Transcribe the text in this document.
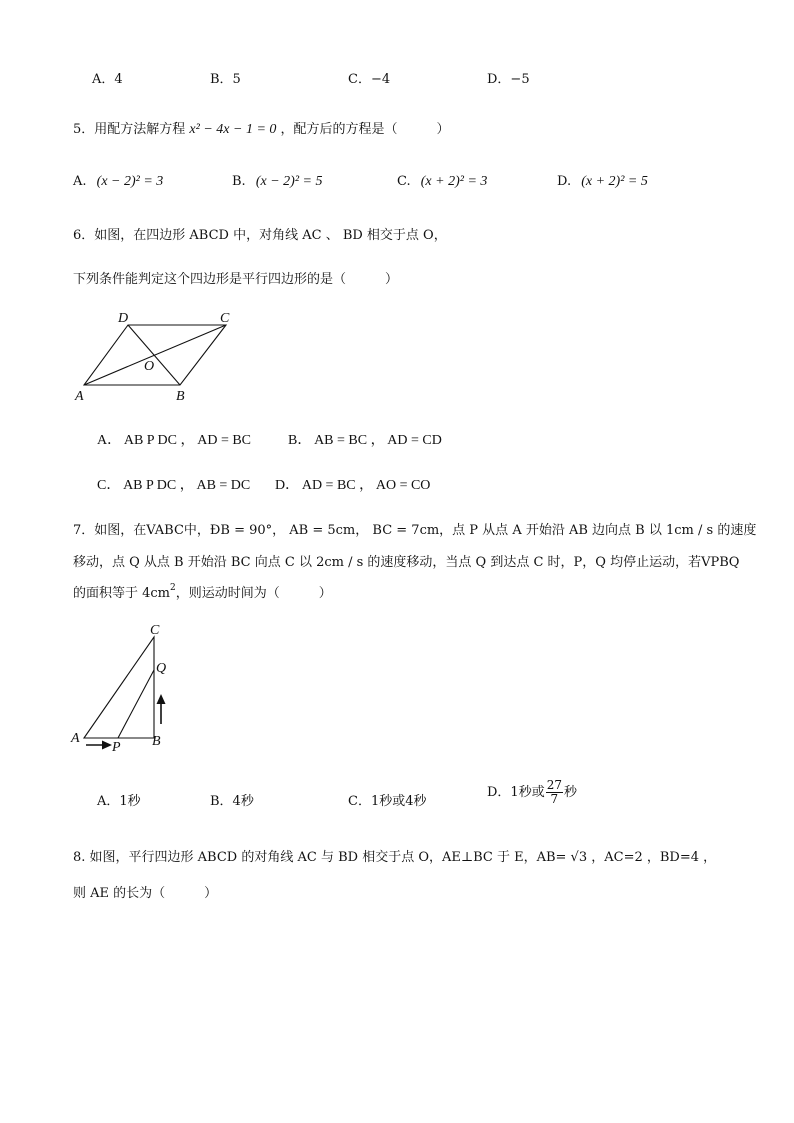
A．4	B．5	C．−4	D．−5
5．用配方法解方程 x² − 4x − 1 = 0 ，配方后的方程是（　　　）
A. (x − 2)² = 3	B. (x − 2)² = 5	C. (x + 2)² = 3	D. (x + 2)² = 5
6．如图，在四边形 ABCD 中，对角线 AC 、 BD 相交于点 O，
下列条件能判定这个四边形是平行四边形的是（　　　）
D	C
O
A	B
A． AB P DC ， AD = BC	B． AB = BC ， AD = CD
C． AB P DC ， AB = DC D． AD = BC ， AO = CO
7．如图，在VABC中，ÐB = 90°， AB = 5cm， BC = 7cm，点 P 从点 A 开始沿 AB 边向点 B 以 1cm / s 的速度
移动，点 Q 从点 B 开始沿 BC 向点 C 以 2cm / s 的速度移动，当点 Q 到达点 C 时，P，Q 均停止运动，若VPBQ
的面积等于 $4cm^2$，则运动时间为（　　　）
C
Q
A
P B
A．1秒	B．4秒	C．1秒或4秒
D．1秒或 $\frac{27}{7}$ 秒
8. 如图，平行四边形 ABCD 的对角线 AC 与 BD 相交于点 O，AE⊥BC 于 E，AB= √3 ，AC=2 ，BD=4 ，
则 AE 的长为（　　　）
